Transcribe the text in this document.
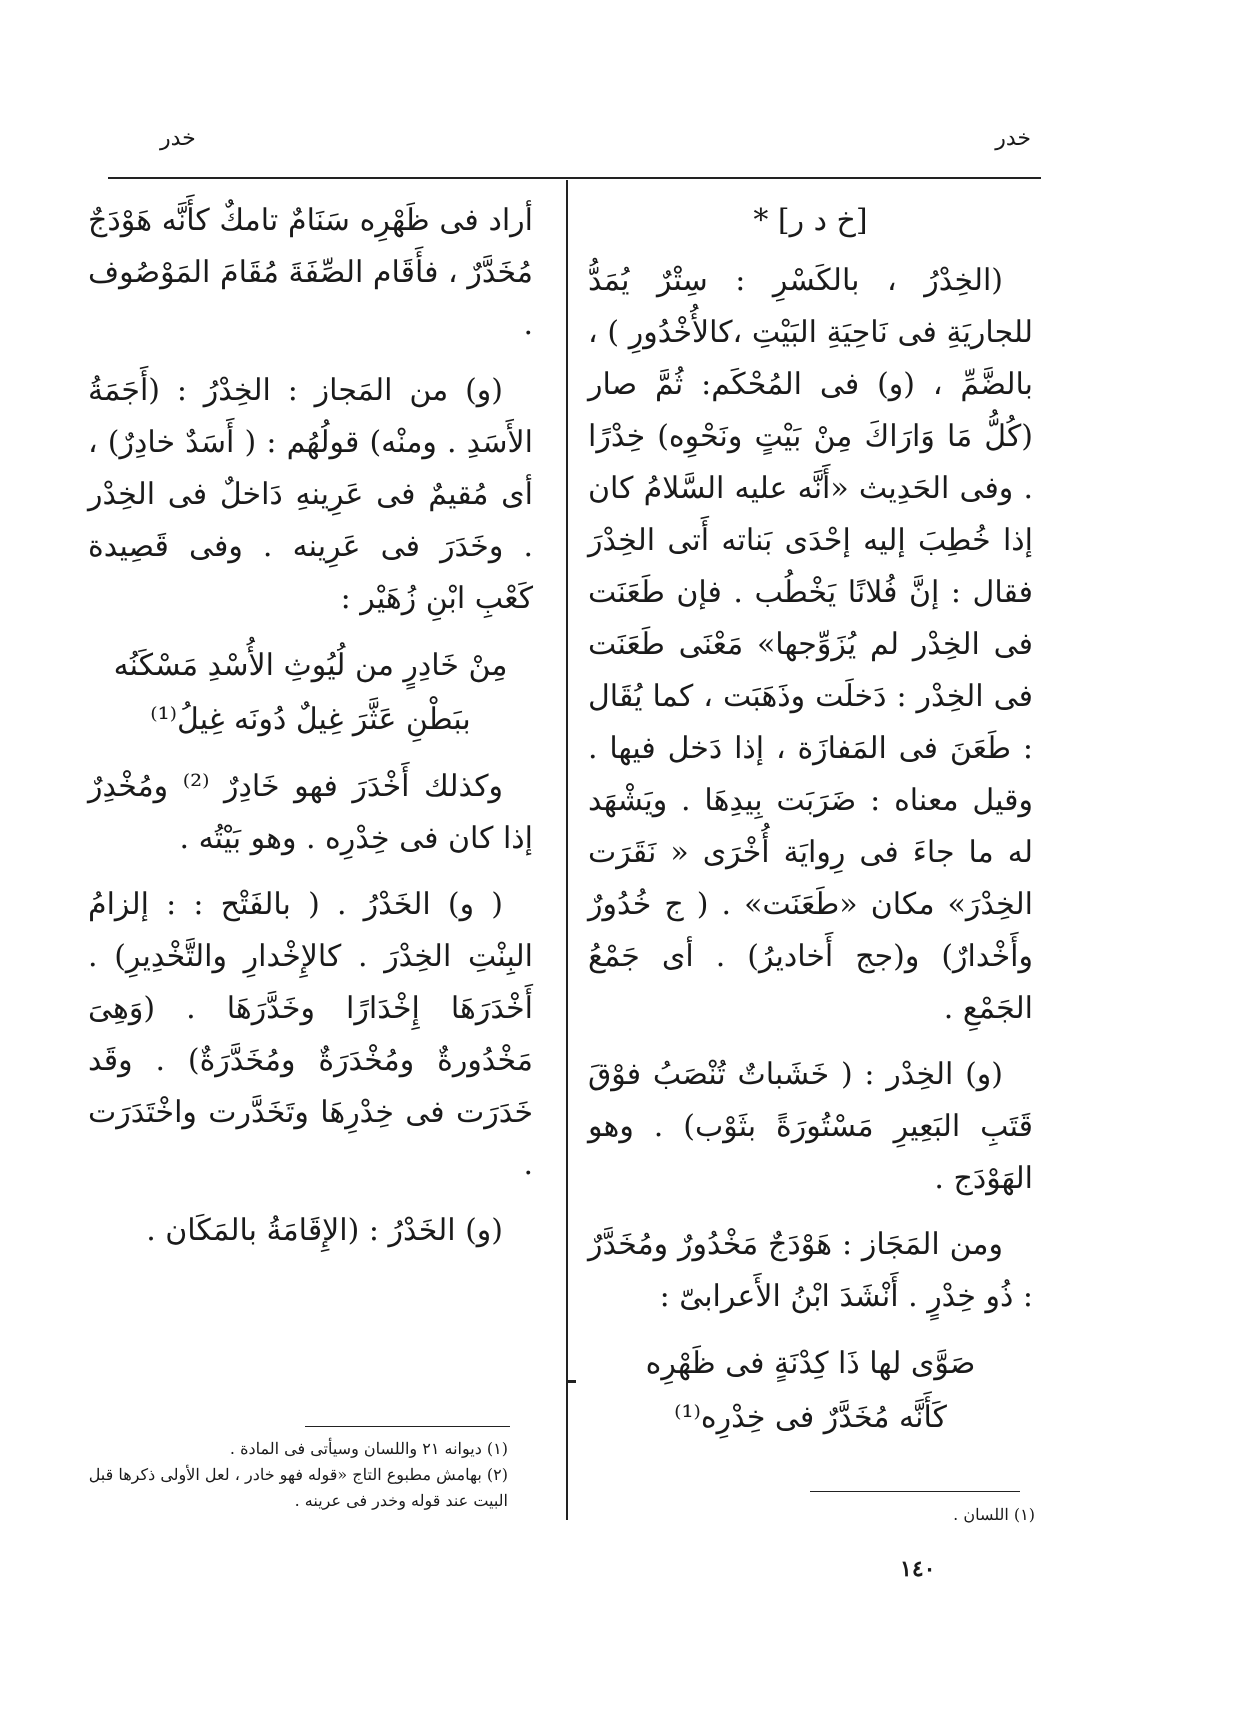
خدر
خدر
[خ د ر] *

(الخِدْرُ ، بالكَسْرِ : سِتْرٌ يُمَدُّ للجاريَةِ فى نَاحِيَةِ البَيْتِ ،كالأُخْدُورِ ) ، بالضَّمِّ ، (و) فى المُحْكَم: ثُمَّ صار (كُلُّ مَا وَارَاكَ مِنْ بَيْتٍ ونَحْوِه) خِدْرًا . وفى الحَدِيث «أَنَّه عليه السَّلامُ كان إذا خُطِبَ إليه إحْدَى بَناته أَتى الخِدْرَ فقال : إنَّ فُلانًا يَخْطُب . فإن طَعَنَت فى الخِدْر لم يُزَوِّجها» مَعْنَى طَعَنَت فى الخِدْر : دَخلَت وذَهَبَت ، كما يُقَال : طَعَنَ فى المَفازَة ، إذا دَخل فيها . وقيل معناه : ضَرَبَت بِيدِهَا . ويَشْهَد له ما جاءَ فى رِوايَة أُخْرَى « نَقَرَت الخِدْرَ» مكان «طَعَنَت» . ( ج خُدُورٌ وأَخْدارٌ) و(جج أَخاديرُ) . أى جَمْعُ الجَمْعِ .

(و) الخِدْر : ( خَشَباتٌ تُنْصَبُ فوْقَ قَتَبِ البَعِيرِ مَسْتُورَةً بثَوْب) . وهو الهَوْدَج .

ومن المَجَاز : هَوْدَجٌ مَخْدُورٌ ومُخَدَّرٌ : ذُو خِدْرٍ . أَنْشَدَ ابْنُ الأَعرابىّ :

صَوَّى لها ذَا كِدْنَةٍ فى ظَهْرِه
كَأَنَّه مُخَدَّرٌ فى خِدْرِه⁽¹⁾

أراد فى ظَهْرِه سَنَامٌ تامكٌ كأَنَّه هَوْدَجٌ مُخَدَّرٌ ، فأَقَام الصِّفَةَ مُقَامَ المَوْصُوف .

(و) من المَجاز : الخِدْرُ : (أَجَمَةُ الأَسَدِ . ومنْه) قولُهُم : ( أَسَدٌ خادِرٌ) ، أى مُقيمٌ فى عَرِينهِ دَاخلٌ فى الخِدْر . وخَدَرَ فى عَرِينه . وفى قَصِيدة كَعْبِ ابْنِ زُهَيْر :

مِنْ خَادِرٍ من لُيُوثِ الأُسْدِ مَسْكَنُه
ببَطْنِ عَثَّرَ غِيلٌ دُونَه غِيلُ⁽¹⁾

وكذلك أَخْدَرَ فهو خَادِرٌ ⁽²⁾ ومُخْدِرٌ إذا كان فى خِدْرِه . وهو بَيْتُه .

( و) الخَدْرُ . ( بالفَتْح : : إلزامُ البِنْتِ الخِدْرَ . كالإِخْدارِ والتَّخْدِيرِ) . أَخْدَرَهَا إِخْدَارًا وخَدَّرَهَا . (وَهِىَ مَخْدُورةٌ ومُخْدَرَةٌ ومُخَدَّرَةٌ) . وقَد خَدَرَت فى خِدْرِهَا وتَخَدَّرت واخْتَدَرَت .

(و) الخَدْرُ : (الإِقَامَةُ بالمَكَان .

(١) ديوانه ٢١ واللسان وسيأتى فى المادة .
(٢) بهامش مطبوع التاج «قوله فهو خادر ، لعل الأولى ذكرها قبل البيت عند قوله وخدر فى عرينه .
(١) اللسان .
١٤٠
